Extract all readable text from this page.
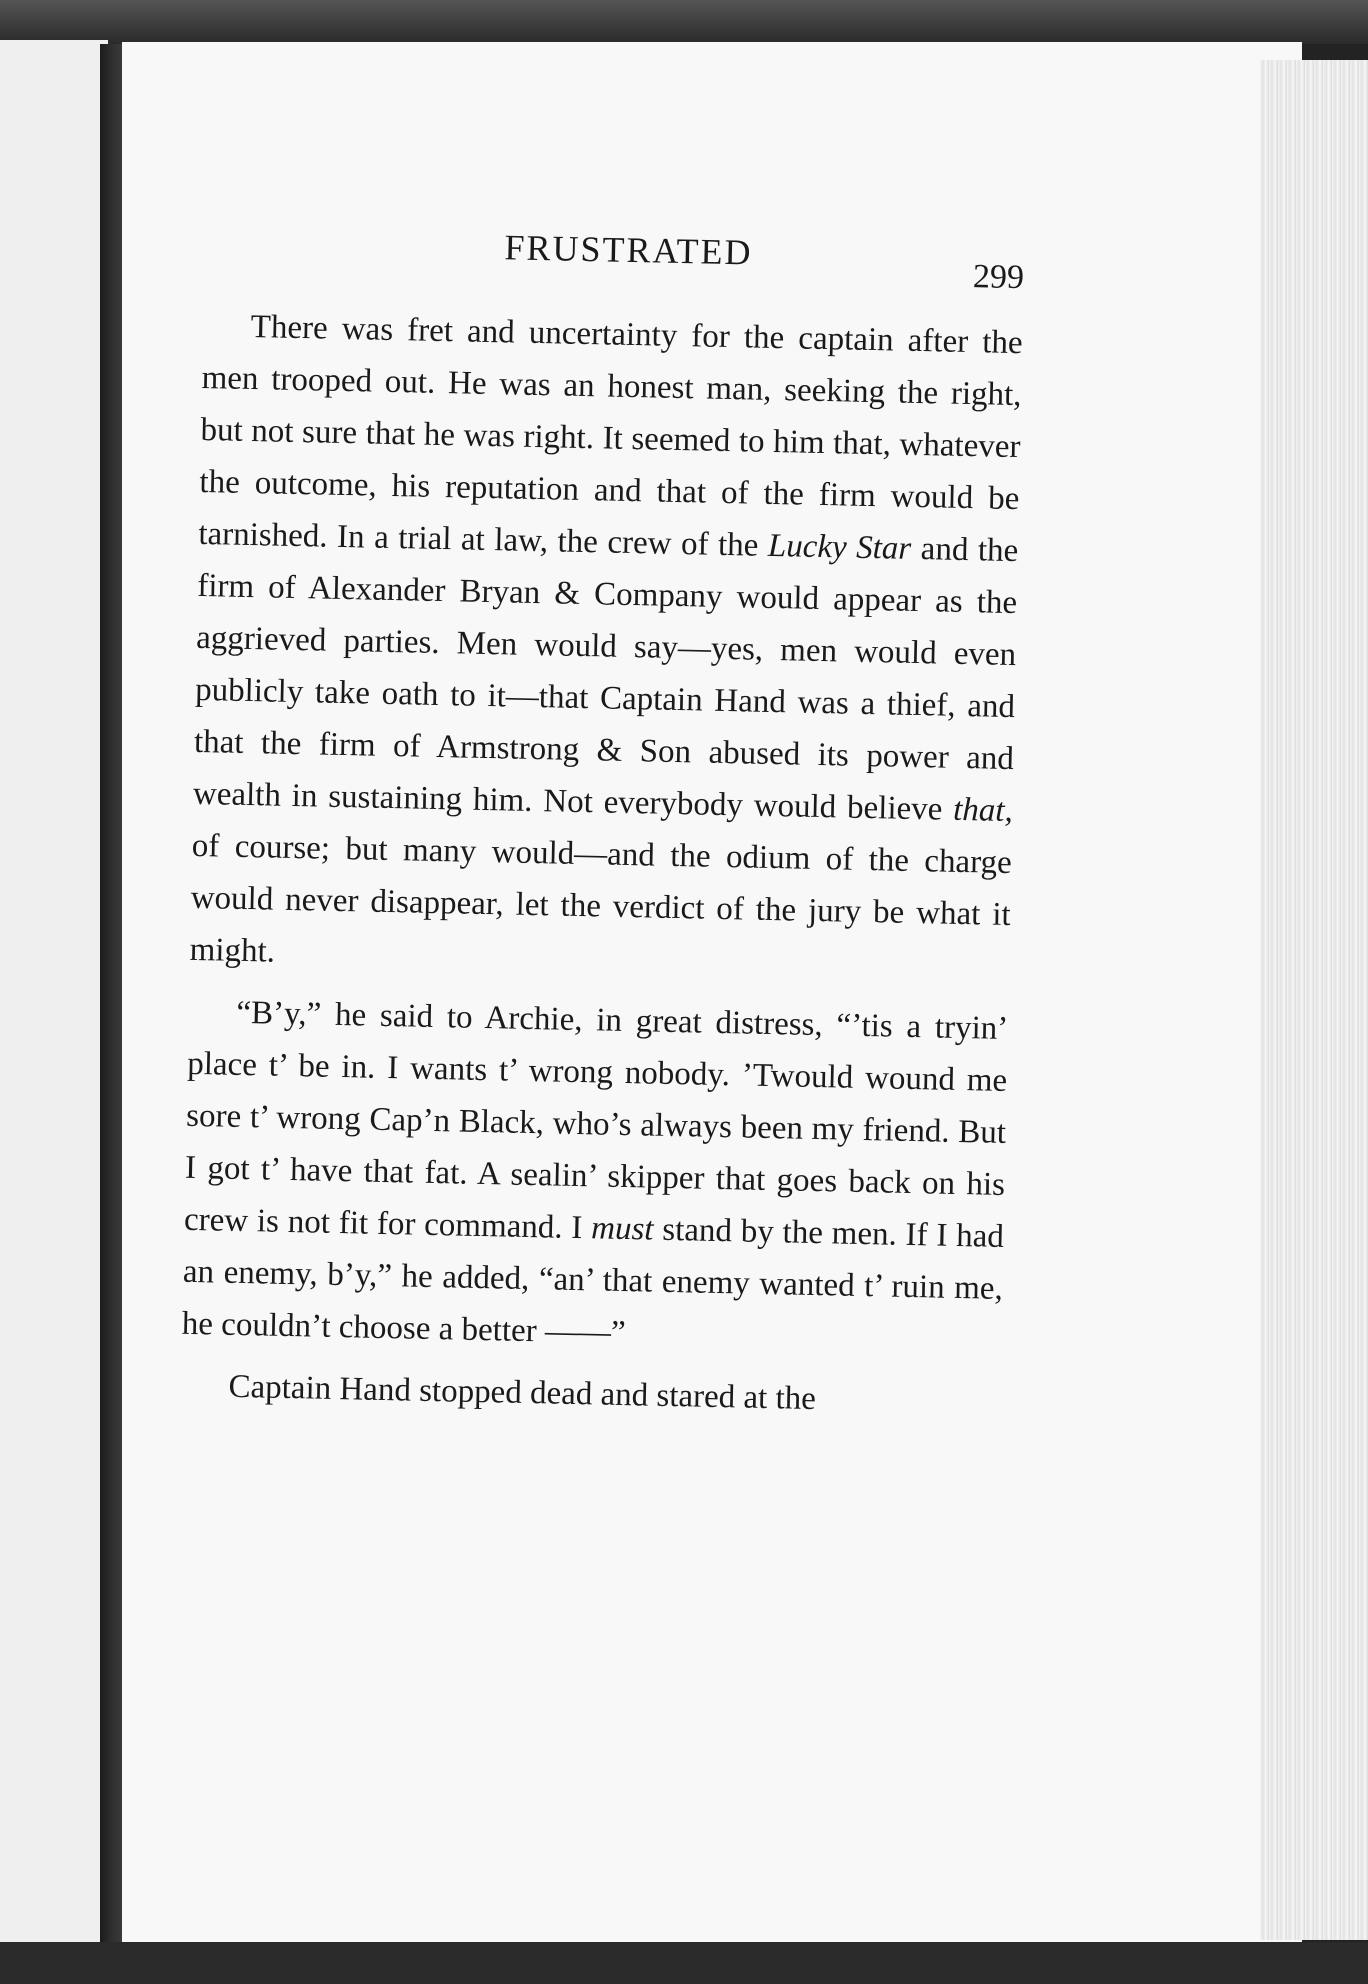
FRUSTRATED
299

There was fret and uncertainty for the captain after the men trooped out. He was an honest man, seeking the right, but not sure that he was right. It seemed to him that, whatever the outcome, his reputation and that of the firm would be tarnished. In a trial at law, the crew of the Lucky Star and the firm of Alexander Bryan & Company would appear as the aggrieved parties. Men would say—yes, men would even publicly take oath to it—that Captain Hand was a thief, and that the firm of Armstrong & Son abused its power and wealth in sustaining him. Not everybody would believe that, of course; but many would—and the odium of the charge would never disappear, let the verdict of the jury be what it might.

“B’y,” he said to Archie, in great distress, “’tis a tryin’ place t’ be in. I wants t’ wrong nobody. ’Twould wound me sore t’ wrong Cap’n Black, who’s always been my friend. But I got t’ have that fat. A sealin’ skipper that goes back on his crew is not fit for command. I must stand by the men. If I had an enemy, b’y,” he added, “an’ that enemy wanted t’ ruin me, he couldn’t choose a better ——”

Captain Hand stopped dead and stared at the
